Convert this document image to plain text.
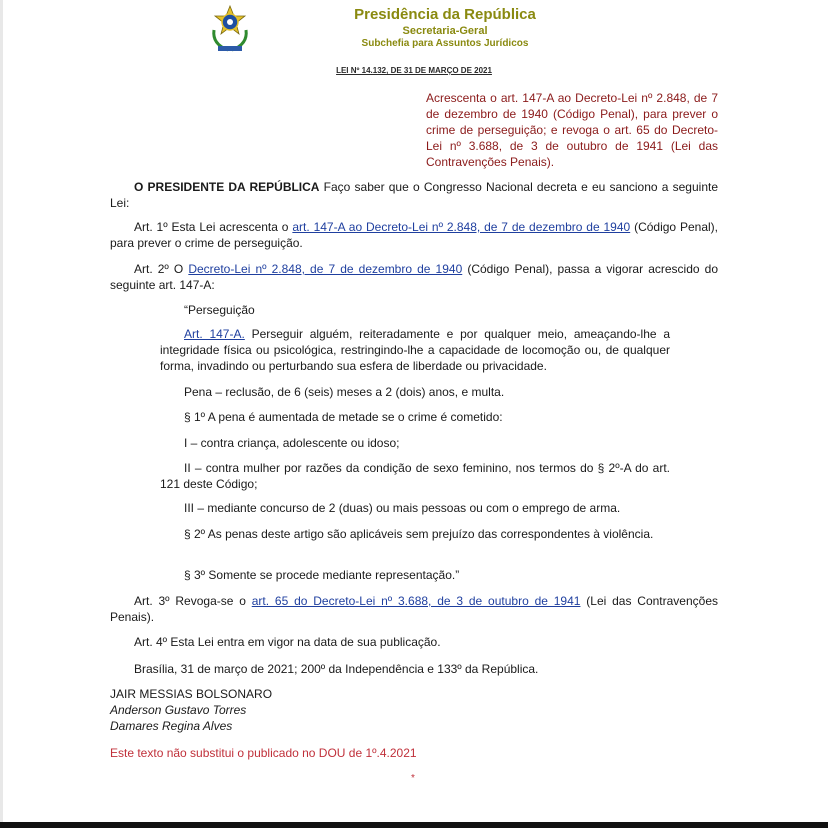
Presidência da República
Secretaria-Geral
Subchefia para Assuntos Jurídicos
LEI Nº 14.132, DE 31 DE MARÇO DE 2021
Acrescenta o art. 147-A ao Decreto-Lei nº 2.848, de 7 de dezembro de 1940 (Código Penal), para prever o crime de perseguição; e revoga o art. 65 do Decreto-Lei nº 3.688, de 3 de outubro de 1941 (Lei das Contravenções Penais).
O PRESIDENTE DA REPÚBLICA Faço saber que o Congresso Nacional decreta e eu sanciono a seguinte Lei:
Art. 1º Esta Lei acrescenta o art. 147-A ao Decreto-Lei nº 2.848, de 7 de dezembro de 1940 (Código Penal), para prever o crime de perseguição.
Art. 2º O Decreto-Lei nº 2.848, de 7 de dezembro de 1940 (Código Penal), passa a vigorar acrescido do seguinte art. 147-A:
“Perseguição
Art. 147-A. Perseguir alguém, reiteradamente e por qualquer meio, ameaçando-lhe a integridade física ou psicológica, restringindo-lhe a capacidade de locomoção ou, de qualquer forma, invadindo ou perturbando sua esfera de liberdade ou privacidade.
Pena – reclusão, de 6 (seis) meses a 2 (dois) anos, e multa.
§ 1º A pena é aumentada de metade se o crime é cometido:
I – contra criança, adolescente ou idoso;
II – contra mulher por razões da condição de sexo feminino, nos termos do § 2º-A do art. 121 deste Código;
III – mediante concurso de 2 (duas) ou mais pessoas ou com o emprego de arma.
§ 2º As penas deste artigo são aplicáveis sem prejuízo das correspondentes à violência.
§ 3º Somente se procede mediante representação.”
Art. 3º Revoga-se o art. 65 do Decreto-Lei nº 3.688, de 3 de outubro de 1941 (Lei das Contravenções Penais).
Art. 4º Esta Lei entra em vigor na data de sua publicação.
Brasília, 31 de março de 2021; 200º da Independência e 133º da República.
JAIR MESSIAS BOLSONARO
Anderson Gustavo Torres
Damares Regina Alves
Este texto não substitui o publicado no DOU de 1º.4.2021
*
